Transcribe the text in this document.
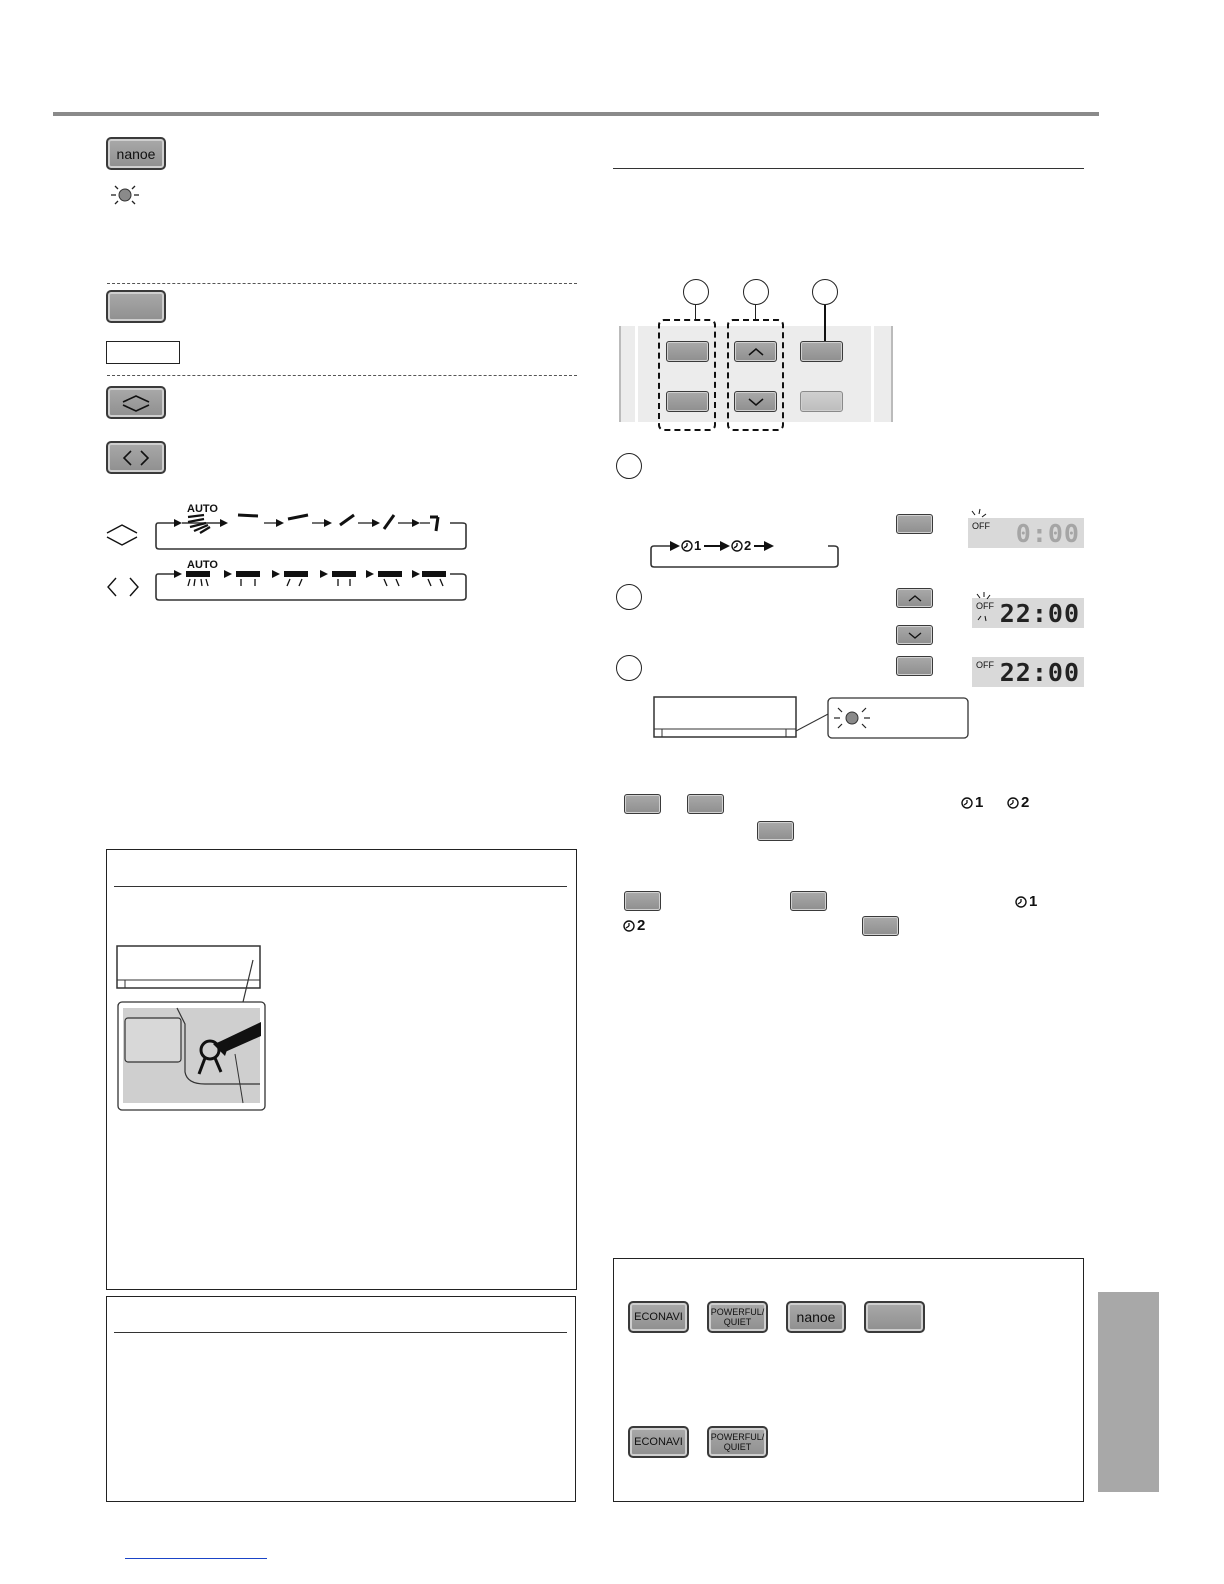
nanoe
AUTO
AUTO
1	2
OFF 0:00
OFF 22:00
OFF 22:00
1	2
1
2
ECONAVI	POWERFUL/
QUIET	nanoe
ECONAVI	POWERFUL/
QUIET
